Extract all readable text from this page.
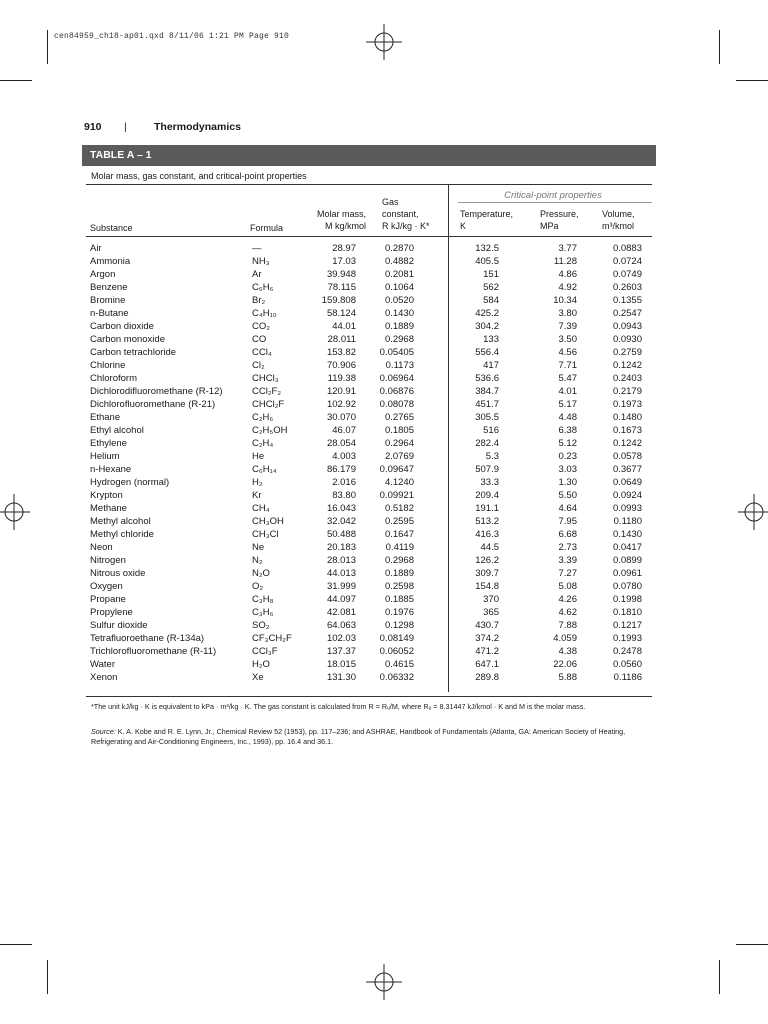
cen84959_ch18-ap01.qxd 8/11/06 1:21 PM Page 910
910 |	Thermodynamics
TABLE A – 1
Molar mass, gas constant, and critical-point properties
Critical-point properties
Substance	Formula
Molar mass,
M kg/kmol
Gas
constant,
R kJ/kg · K*
Temperature,
K
Pressure,
MPa
Volume,
m³/kmol
Air	—	28.97	0.2870	132.5	3.77	0.0883
Ammonia	NH₃	17.03	0.4882	405.5	11.28	0.0724
Argon	Ar	39.948	0.2081	151	4.86	0.0749
Benzene	C₆H₆	78.115	0.1064	562	4.92	0.2603
Bromine	Br₂	159.808	0.0520	584	10.34	0.1355
n-Butane	C₄H₁₀	58.124	0.1430	425.2	3.80	0.2547
Carbon dioxide	CO₂	44.01	0.1889	304.2	7.39	0.0943
Carbon monoxide	CO	28.011	0.2968	133	3.50	0.0930
Carbon tetrachloride	CCl₄	153.82 0.05405	556.4	4.56	0.2759
Chlorine	Cl₂	70.906	0.1173	417	7.71	0.1242
Chloroform	CHCl₃	119.38 0.06964	536.6	5.47	0.2403
Dichlorodifluoromethane (R-12)	CCl₂F₂	120.91 0.06876	384.7	4.01	0.2179
Dichlorofluoromethane (R-21)	CHCl₂F	102.92 0.08078	451.7	5.17	0.1973
Ethane	C₂H₆	30.070	0.2765	305.5	4.48	0.1480
Ethyl alcohol	C₂H₅OH	46.07	0.1805	516	6.38	0.1673
Ethylene	C₂H₄	28.054	0.2964	282.4	5.12	0.1242
Helium	He	4.003	2.0769	5.3	0.23	0.0578
n-Hexane	C₆H₁₄	86.179 0.09647	507.9	3.03	0.3677
Hydrogen (normal)	H₂	2.016	4.1240	33.3	1.30	0.0649
Krypton	Kr	83.80 0.09921	209.4	5.50	0.0924
Methane	CH₄	16.043	0.5182	191.1	4.64	0.0993
Methyl alcohol	CH₃OH	32.042	0.2595	513.2	7.95	0.1180
Methyl chloride	CH₃Cl	50.488	0.1647	416.3	6.68	0.1430
Neon	Ne	20.183	0.4119	44.5	2.73	0.0417
Nitrogen	N₂	28.013	0.2968	126.2	3.39	0.0899
Nitrous oxide	N₂O	44.013	0.1889	309.7	7.27	0.0961
Oxygen	O₂	31.999	0.2598	154.8	5.08	0.0780
Propane	C₃H₈	44.097	0.1885	370	4.26	0.1998
Propylene	C₃H₆	42.081	0.1976	365	4.62	0.1810
Sulfur dioxide	SO₂	64.063	0.1298	430.7	7.88	0.1217
Tetrafluoroethane (R-134a)	CF₃CH₂F	102.03 0.08149	374.2	4.059	0.1993
Trichlorofluoromethane (R-11)	CCl₃F	137.37 0.06052	471.2	4.38	0.2478
Water	H₂O	18.015	0.4615	647.1	22.06	0.0560
Xenon	Xe	131.30 0.06332	289.8	5.88	0.1186
*The unit kJ/kg · K is equivalent to kPa · m³/kg · K. The gas constant is calculated from R = Rᵤ/M, where Rᵤ = 8.31447 kJ/kmol · K and M is the molar mass.
Source: K. A. Kobe and R. E. Lynn, Jr., Chemical Review 52 (1953), pp. 117–236; and ASHRAE, Handbook of Fundamentals (Atlanta, GA: American Society of Heating, Refrigerating and Air-Conditioning Engineers, Inc., 1993), pp. 16.4 and 36.1.
